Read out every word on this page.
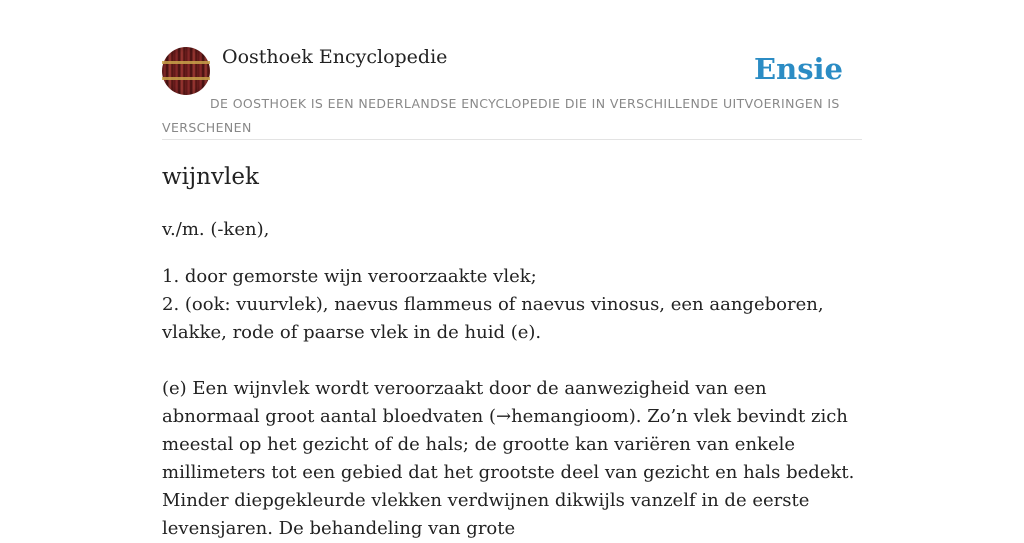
Oosthoek Encyclopedie	Ensie
DE OOSTHOEK IS EEN NEDERLANDSE ENCYCLOPEDIE DIE IN VERSCHILLENDE UITVOERINGEN IS VERSCHENEN
wijnvlek

v./m. (-ken),

1. door gemorste wijn veroorzaakte vlek;

2. (ook: vuurvlek), naevus flammeus of naevus vinosus, een aangeboren, vlakke, rode of paarse vlek in de huid (e).

(e) Een wijnvlek wordt veroorzaakt door de aanwezigheid van een abnormaal groot aantal bloedvaten (→hemangioom). Zo’n vlek bevindt zich meestal op het gezicht of de hals; de grootte kan variëren van enkele millimeters tot een gebied dat het grootste deel van gezicht en hals bedekt. Minder diepgekleurde vlekken verdwijnen dikwijls vanzelf in de eerste levensjaren. De behandeling van grote
